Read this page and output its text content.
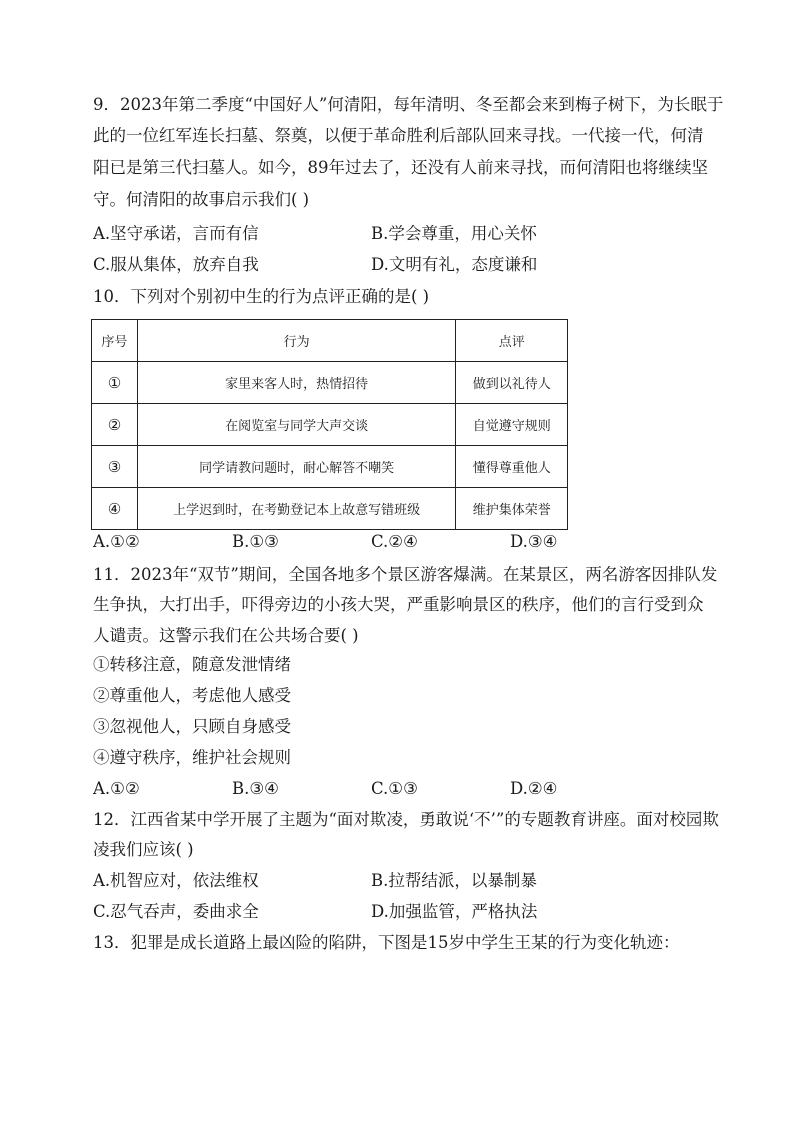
9．2023年第二季度“中国好人”何清阳，每年清明、冬至都会来到梅子树下，为长眠于
此的一位红军连长扫墓、祭奠，以便于革命胜利后部队回来寻找。一代接一代，何清
阳已是第三代扫墓人。如今，89年过去了，还没有人前来寻找，而何清阳也将继续坚
守。何清阳的故事启示我们( )
A.坚守承诺，言而有信	B.学会尊重，用心关怀
C.服从集体，放弃自我	D.文明有礼，态度谦和
10．下列对个别初中生的行为点评正确的是( )
序号	行为	点评
①	家里来客人时，热情招待	做到以礼待人
②	在阅览室与同学大声交谈	自觉遵守规则
③	同学请教问题时，耐心解答不嘲笑	懂得尊重他人
④	上学迟到时，在考勤登记本上故意写错班级	维护集体荣誉
A.①②	B.①③	C.②④	D.③④
11．2023年“双节”期间，全国各地多个景区游客爆满。在某景区，两名游客因排队发
生争执，大打出手，吓得旁边的小孩大哭，严重影响景区的秩序，他们的言行受到众
人谴责。这警示我们在公共场合要( )
①转移注意，随意发泄情绪
②尊重他人，考虑他人感受
③忽视他人，只顾自身感受
④遵守秩序，维护社会规则
A.①②	B.③④	C.①③	D.②④
12．江西省某中学开展了主题为“面对欺凌，勇敢说‘不’”的专题教育讲座。面对校园欺
凌我们应该( )
A.机智应对，依法维权	B.拉帮结派，以暴制暴
C.忍气吞声，委曲求全	D.加强监管，严格执法
13．犯罪是成长道路上最凶险的陷阱，下图是15岁中学生王某的行为变化轨迹：
